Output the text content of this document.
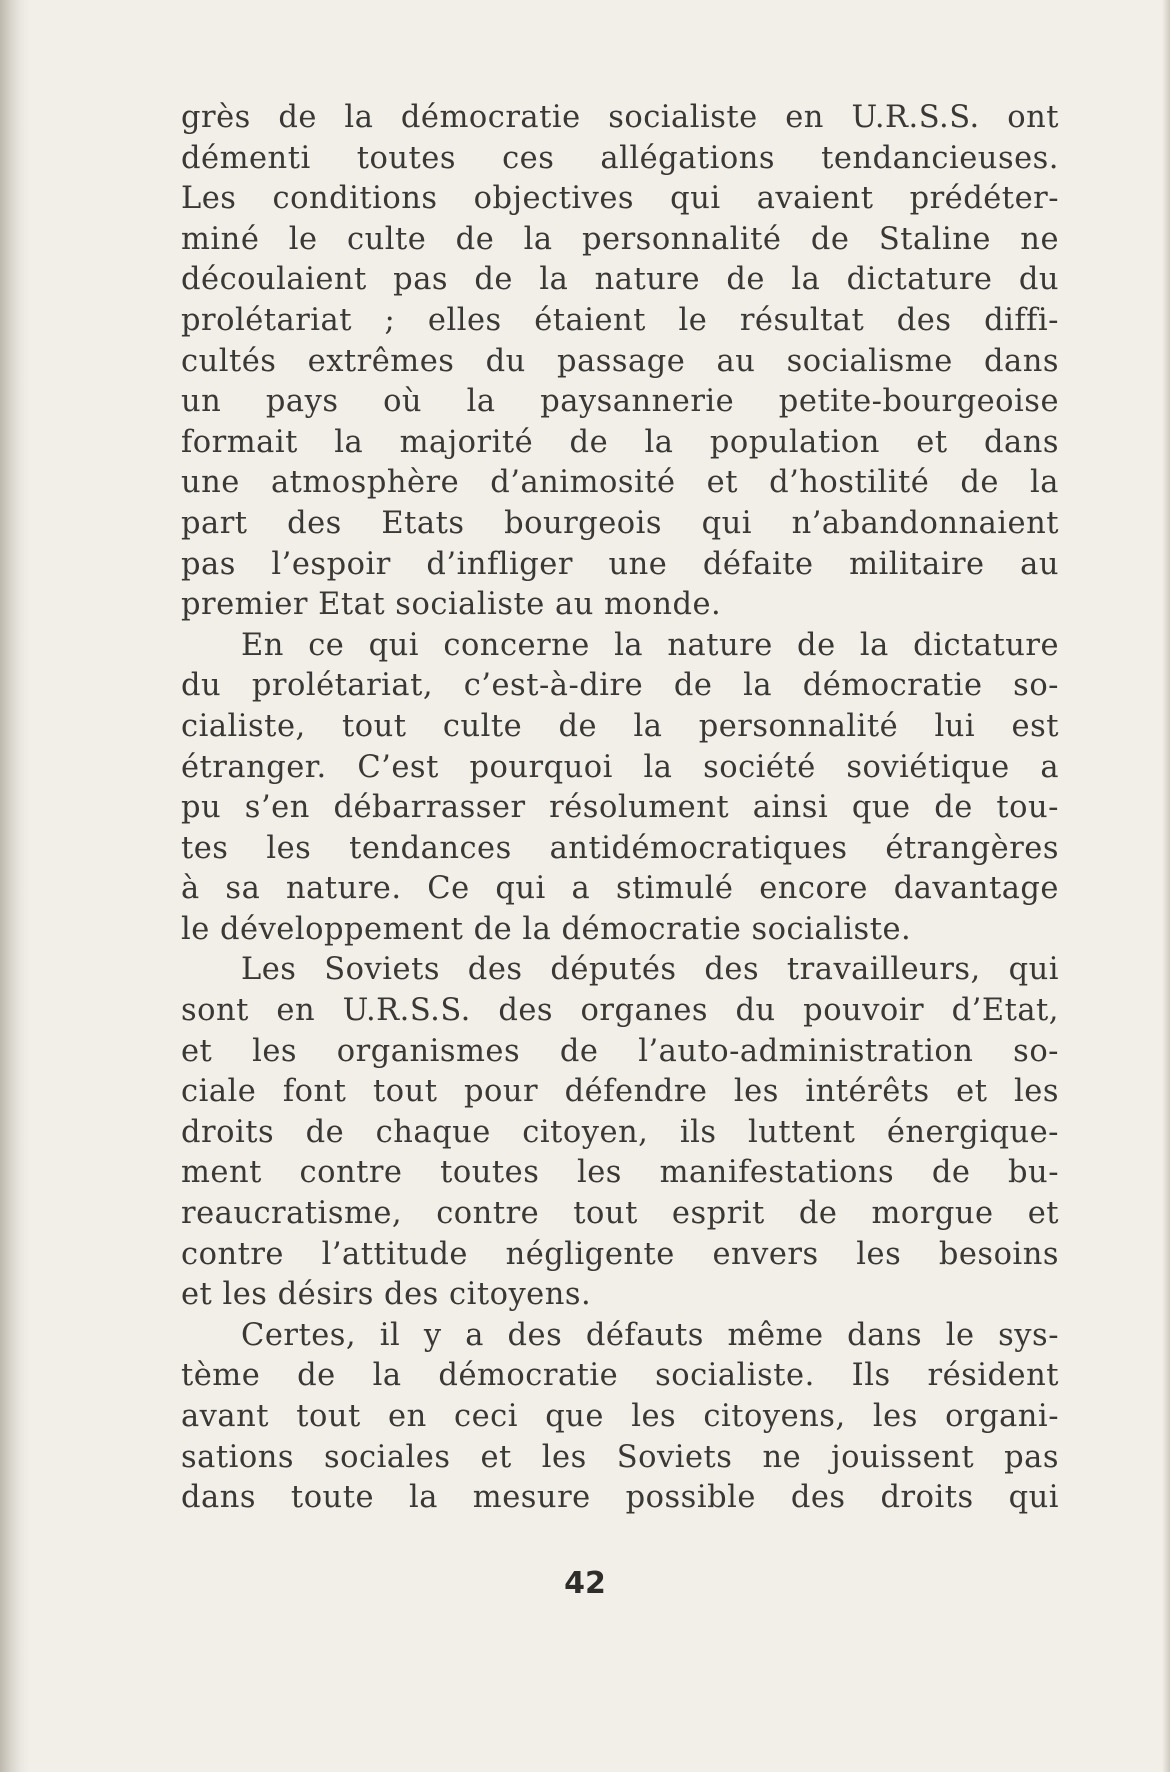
grès de la démocratie socialiste en U.R.S.S. ont
démenti toutes ces allégations tendancieuses.
Les conditions objectives qui avaient prédéter-
miné le culte de la personnalité de Staline ne
découlaient pas de la nature de la dictature du
prolétariat ; elles étaient le résultat des diffi-
cultés extrêmes du passage au socialisme dans
un pays où la paysannerie petite-bourgeoise
formait la majorité de la population et dans
une atmosphère d’animosité et d’hostilité de la
part des Etats bourgeois qui n’abandonnaient
pas l’espoir d’infliger une défaite militaire au
premier Etat socialiste au monde.
En ce qui concerne la nature de la dictature
du prolétariat, c’est-à-dire de la démocratie so-
cialiste, tout culte de la personnalité lui est
étranger. C’est pourquoi la société soviétique a
pu s’en débarrasser résolument ainsi que de tou-
tes les tendances antidémocratiques étrangères
à sa nature. Ce qui a stimulé encore davantage
le développement de la démocratie socialiste.
Les Soviets des députés des travailleurs, qui
sont en U.R.S.S. des organes du pouvoir d’Etat,
et les organismes de l’auto-administration so-
ciale font tout pour défendre les intérêts et les
droits de chaque citoyen, ils luttent énergique-
ment contre toutes les manifestations de bu-
reaucratisme, contre tout esprit de morgue et
contre l’attitude négligente envers les besoins
et les désirs des citoyens.
Certes, il y a des défauts même dans le sys-
tème de la démocratie socialiste. Ils résident
avant tout en ceci que les citoyens, les organi-
sations sociales et les Soviets ne jouissent pas
dans toute la mesure possible des droits qui
42
